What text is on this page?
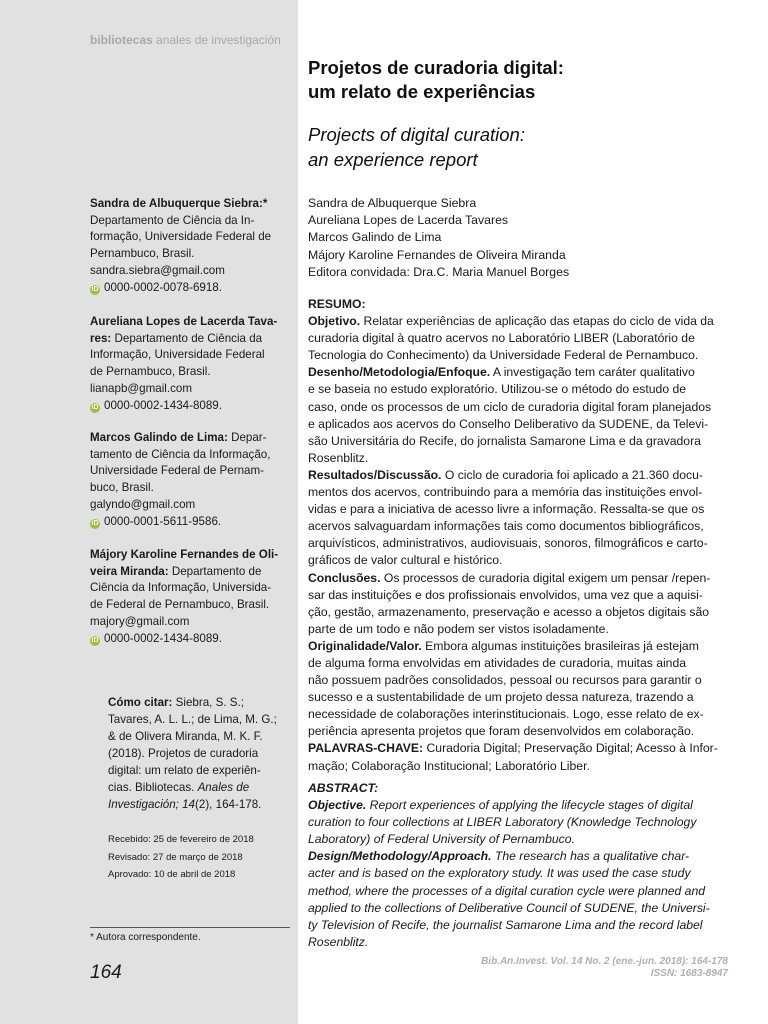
bibliotecas anales de investigación
Projetos de curadoria digital:
um relato de experiências
Projects of digital curation:
an experience report
Sandra de Albuquerque Siebra:*
Departamento de Ciência da In-
formação, Universidade Federal de
Pernambuco, Brasil.
sandra.siebra@gmail.com
iD 0000-0002-0078-6918.
Aureliana Lopes de Lacerda Tava-
res: Departamento de Ciência da
Informação, Universidade Federal
de Pernambuco, Brasil.
lianapb@gmail.com
iD 0000-0002-1434-8089.
Marcos Galindo de Lima: Depar-
tamento de Ciência da Informação,
Universidade Federal de Pernam-
buco, Brasil.
galyndo@gmail.com
iD 0000-0001-5611-9586.
Májory Karoline Fernandes de Oli-
veira Miranda: Departamento de
Ciência da Informação, Universida-
de Federal de Pernambuco, Brasil.
majory@gmail.com
iD 0000-0002-1434-8089.
Cómo citar: Siebra, S. S.;
Tavares, A. L. L.; de Lima, M. G.;
& de Olivera Miranda, M. K. F.
(2018). Projetos de curadoria
digital: um relato de experiên-
cias. Bibliotecas. Anales de
Investigación; 14(2), 164-178.
Recebido: 25 de fevereiro de 2018
Revisado: 27 de março de 2018
Aprovado: 10 de abril de 2018
* Autora correspondente.
164
Sandra de Albuquerque Siebra
Aureliana Lopes de Lacerda Tavares
Marcos Galindo de Lima
Májory Karoline Fernandes de Oliveira Miranda
Editora convidada: Dra.C. Maria Manuel Borges
RESUMO:
Objetivo. Relatar experiências de aplicação das etapas do ciclo de vida da
curadoria digital à quatro acervos no Laboratório LIBER (Laboratório de
Tecnologia do Conhecimento) da Universidade Federal de Pernambuco.
Desenho/Metodologia/Enfoque. A investigação tem caráter qualitativo
e se baseia no estudo exploratório. Utilizou-se o método do estudo de
caso, onde os processos de um ciclo de curadoria digital foram planejados
e aplicados aos acervos do Conselho Deliberativo da SUDENE, da Televi-
são Universitária do Recife, do jornalista Samarone Lima e da gravadora
Rosenblitz.
Resultados/Discussão. O ciclo de curadoria foi aplicado a 21.360 docu-
mentos dos acervos, contribuindo para a memória das instituições envol-
vidas e para a iniciativa de acesso livre a informação. Ressalta-se que os
acervos salvaguardam informações tais como documentos bibliográficos,
arquivísticos, administrativos, audiovisuais, sonoros, filmográficos e carto-
gráficos de valor cultural e histórico.
Conclusões. Os processos de curadoria digital exigem um pensar /repen-
sar das instituições e dos profissionais envolvidos, uma vez que a aquisi-
ção, gestão, armazenamento, preservação e acesso a objetos digitais são
parte de um todo e não podem ser vistos isoladamente.
Originalidade/Valor. Embora algumas instituições brasileiras já estejam
de alguma forma envolvidas em atividades de curadoria, muitas ainda
não possuem padrões consolidados, pessoal ou recursos para garantir o
sucesso e a sustentabilidade de um projeto dessa natureza, trazendo a
necessidade de colaborações interinstitucionais. Logo, esse relato de ex-
periência apresenta projetos que foram desenvolvidos em colaboração.
PALAVRAS-CHAVE: Curadoria Digital; Preservação Digital; Acesso à Infor-
mação; Colaboração Institucional; Laboratório Liber.
ABSTRACT:
Objective. Report experiences of applying the lifecycle stages of digital
curation to four collections at LIBER Laboratory (Knowledge Technology
Laboratory) of Federal University of Pernambuco.
Design/Methodology/Approach. The research has a qualitative char-
acter and is based on the exploratory study. It was used the case study
method, where the processes of a digital curation cycle were planned and
applied to the collections of Deliberative Council of SUDENE, the Universi-
ty Television of Recife, the journalist Samarone Lima and the record label
Rosenblitz.
Bib.An.Invest. Vol. 14 No. 2 (ene.-jun. 2018): 164-178
ISSN: 1683-8947
